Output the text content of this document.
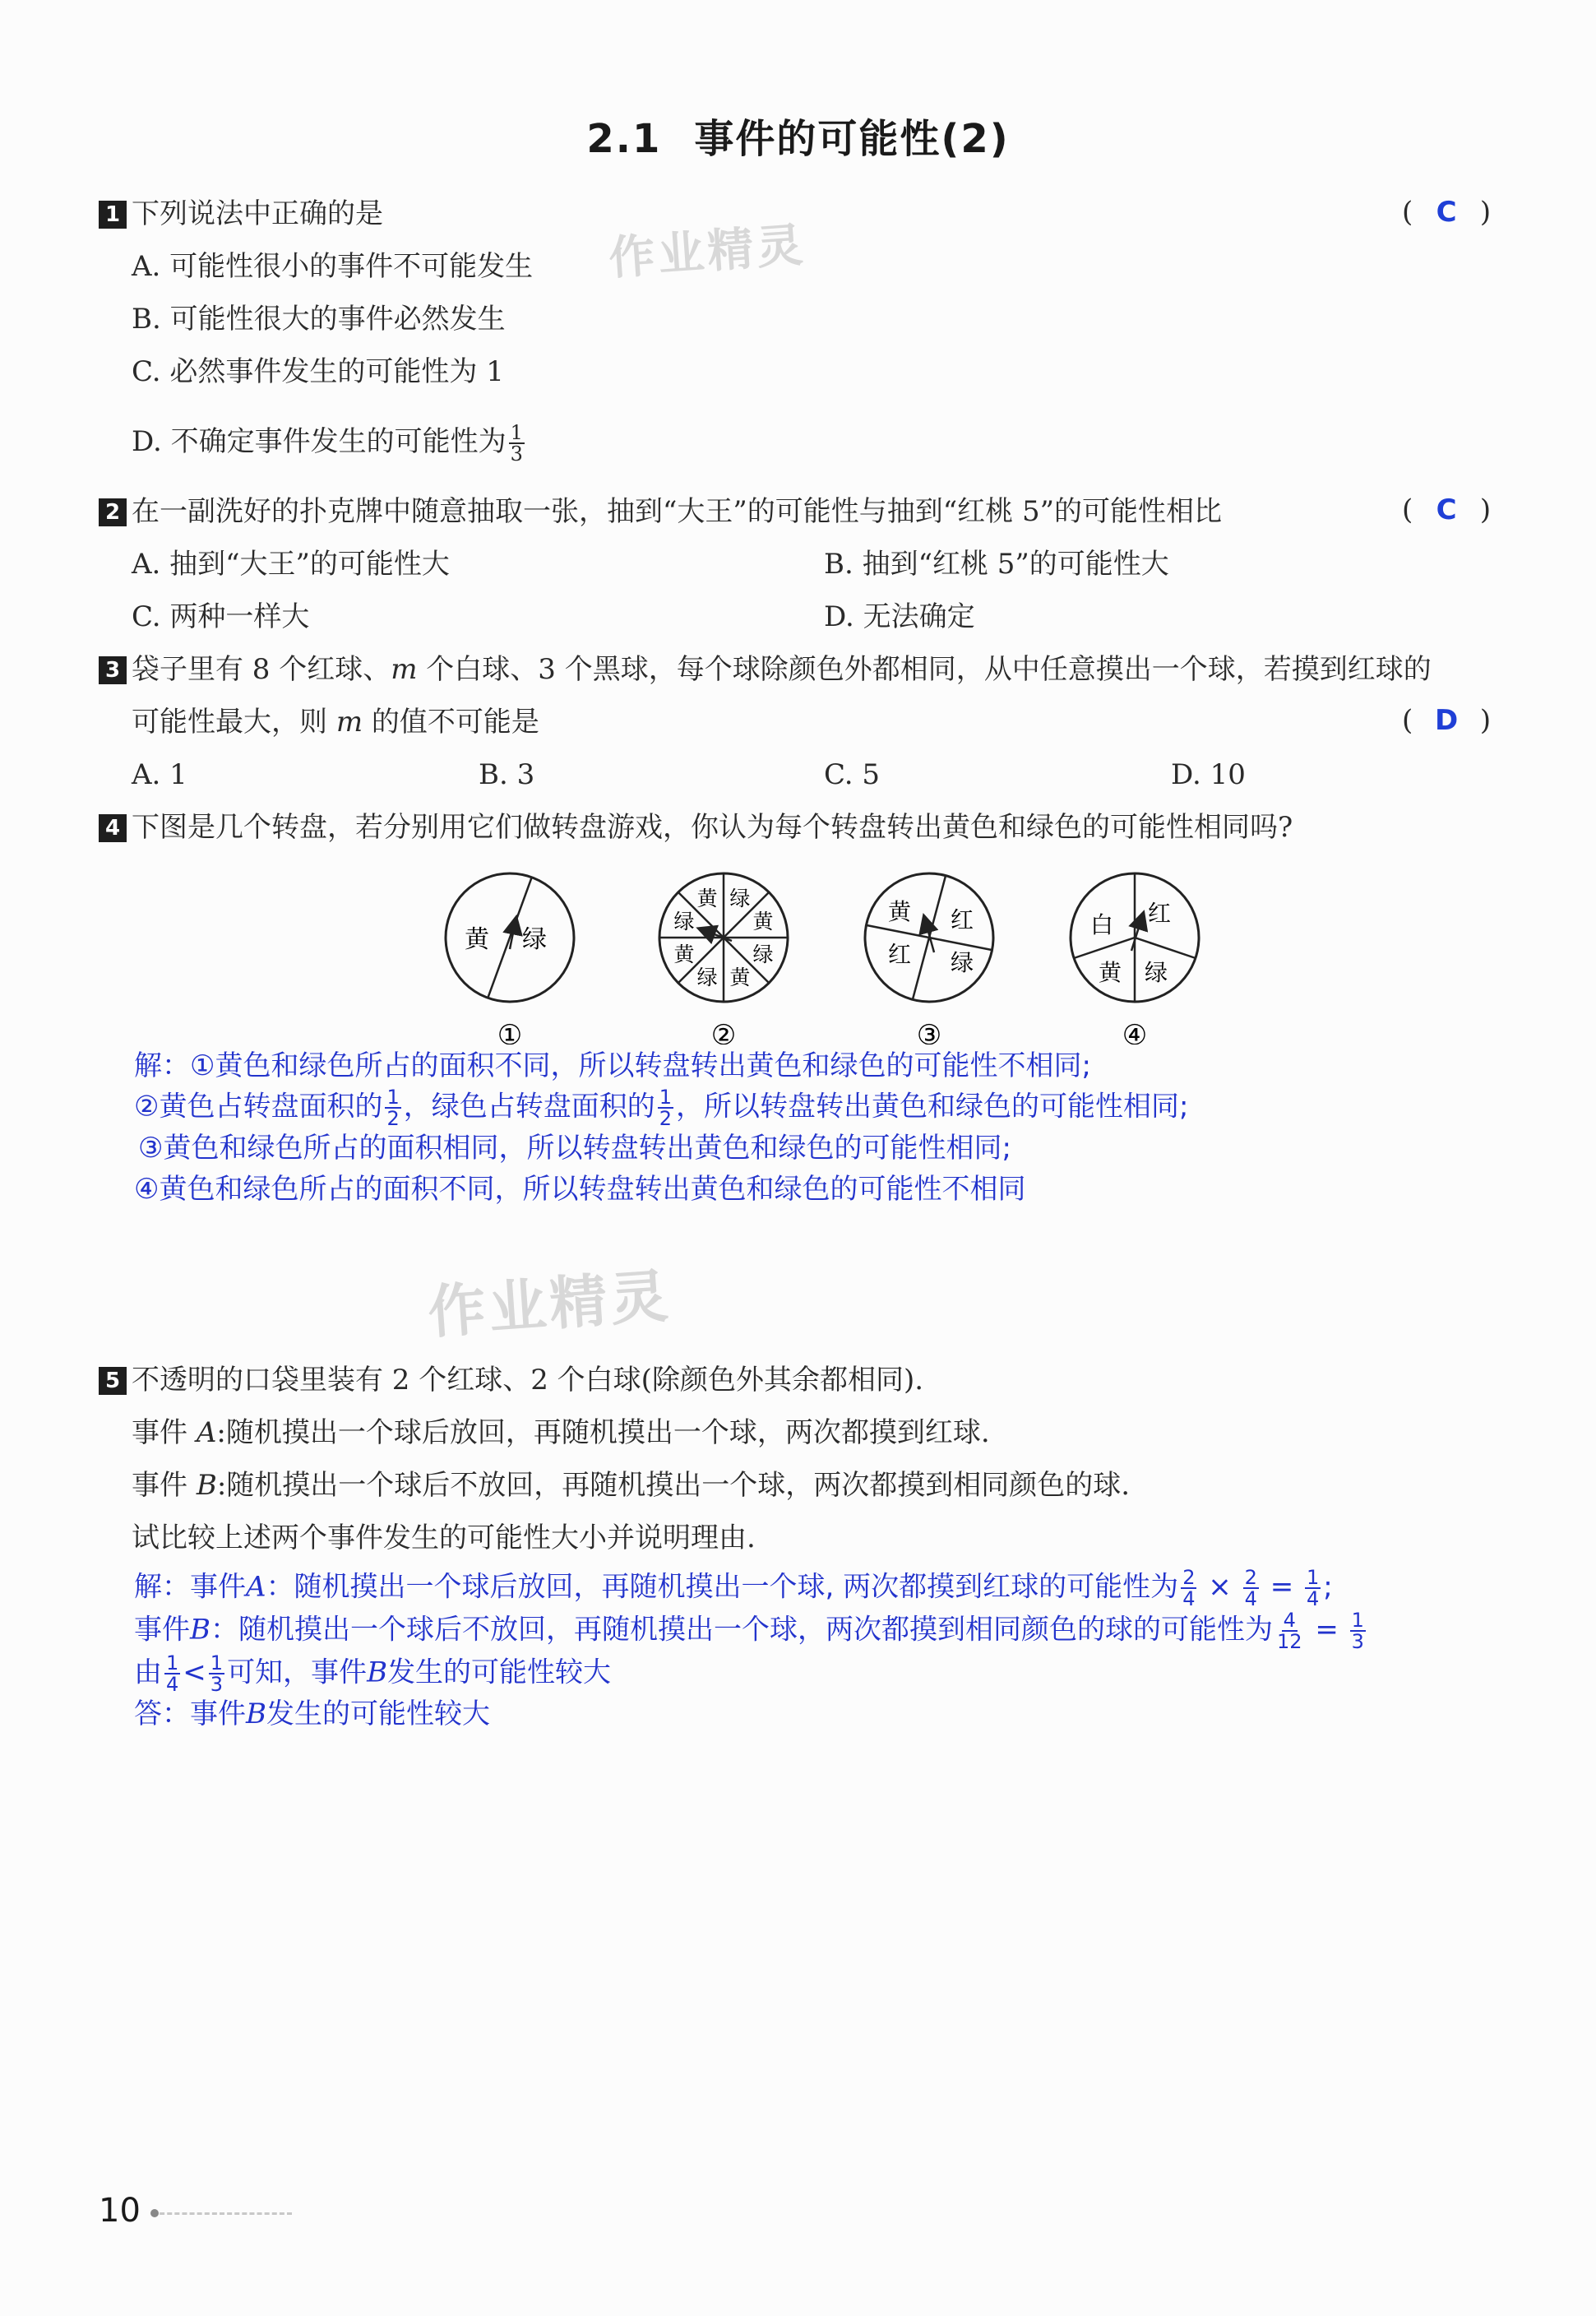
2.1 事件的可能性(2)
1 下列说法中正确的是	( C )
A. 可能性很小的事件不可能发生
B. 可能性很大的事件必然发生
C. 必然事件发生的可能性为 1
D. 不确定事件发生的可能性为 $\frac{1}{3}$
作业精灵
2 在一副洗好的扑克牌中随意抽取一张，抽到“大王”的可能性与抽到“红桃 5”的可能性相比	( C )
A. 抽到“大王”的可能性大	B. 抽到“红桃 5”的可能性大
C. 两种一样大	D. 无法确定
3 袋子里有 8 个红球、m 个白球、3 个黑球，每个球除颜色外都相同，从中任意摸出一个球，若摸到红球的
可能性最大，则 m 的值不可能是	( D )
A. 1	B. 3	C. 5	D. 10
4 下图是几个转盘，若分别用它们做转盘游戏，你认为每个转盘转出黄色和绿色的可能性相同吗?
黄 绿
①	②
黄 绿
黄
绿
黄
绿
黄
绿	黄 红
绿
红
③
白 红
绿
黄
④
解：①黄色和绿色所占的面积不同，所以转盘转出黄色和绿色的可能性不相同;
②黄色占转盘面积的 $\frac{1}{2}$ ，绿色占转盘面积的 $\frac{1}{2}$ ，所以转盘转出黄色和绿色的可能性相同;
③黄色和绿色所占的面积相同，所以转盘转出黄色和绿色的可能性相同;
④黄色和绿色所占的面积不同，所以转盘转出黄色和绿色的可能性不相同
作业精灵
5 不透明的口袋里装有 2 个红球、2 个白球(除颜色外其余都相同).
事件 A:随机摸出一个球后放回，再随机摸出一个球，两次都摸到红球.
事件 B:随机摸出一个球后不放回，再随机摸出一个球，两次都摸到相同颜色的球.
试比较上述两个事件发生的可能性大小并说明理由.
解：事件A：随机摸出一个球后放回，再随机摸出一个球, 两次都摸到红球的可能性为 $\frac{2}{4} \times \frac{2}{4} = \frac{1}{4}$ ;
事件B：随机摸出一个球后不放回，再随机摸出一个球，两次都摸到相同颜色的球的可能性为 $\frac{4}{12} = \frac{1}{3}$
由 $\frac{1}{4} < \frac{1}{3}$ 可知，事件B发生的可能性较大
答：事件B发生的可能性较大
10
